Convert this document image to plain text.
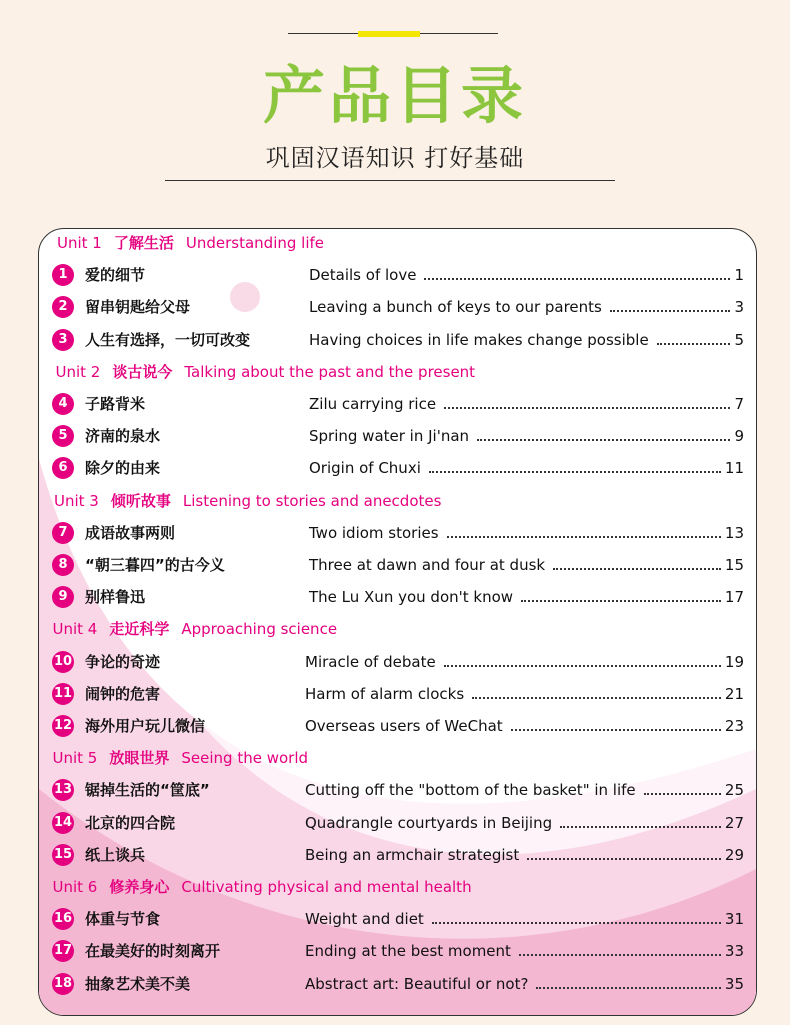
产品目录
巩固汉语知识 打好基础
Unit 1 了解生活 Understanding life
1	爱的细节	Details of love	1
2	留串钥匙给父母	Leaving a bunch of keys to our parents	3
3	人生有选择，一切可改变	Having choices in life makes change possible	5
Unit 2 谈古说今 Talking about the past and the present
4	子路背米	Zilu carrying rice	7
5	济南的泉水	Spring water in Ji'nan	9
6	除夕的由来	Origin of Chuxi	11
Unit 3 倾听故事 Listening to stories and anecdotes
7	成语故事两则	Two idiom stories	13
8	“朝三暮四”的古今义	Three at dawn and four at dusk	15
9	别样鲁迅	The Lu Xun you don't know	17
Unit 4 走近科学 Approaching science
10 争论的奇迹	Miracle of debate	19
11 闹钟的危害	Harm of alarm clocks	21
12 海外用户玩儿微信	Overseas users of WeChat	23
Unit 5 放眼世界 Seeing the world
13 锯掉生活的“筐底”	Cutting off the "bottom of the basket" in life	25
14 北京的四合院	Quadrangle courtyards in Beijing	27
15 纸上谈兵	Being an armchair strategist	29
Unit 6 修养身心 Cultivating physical and mental health
16 体重与节食	Weight and diet	31
17 在最美好的时刻离开	Ending at the best moment	33
18 抽象艺术美不美	Abstract art: Beautiful or not?	35
